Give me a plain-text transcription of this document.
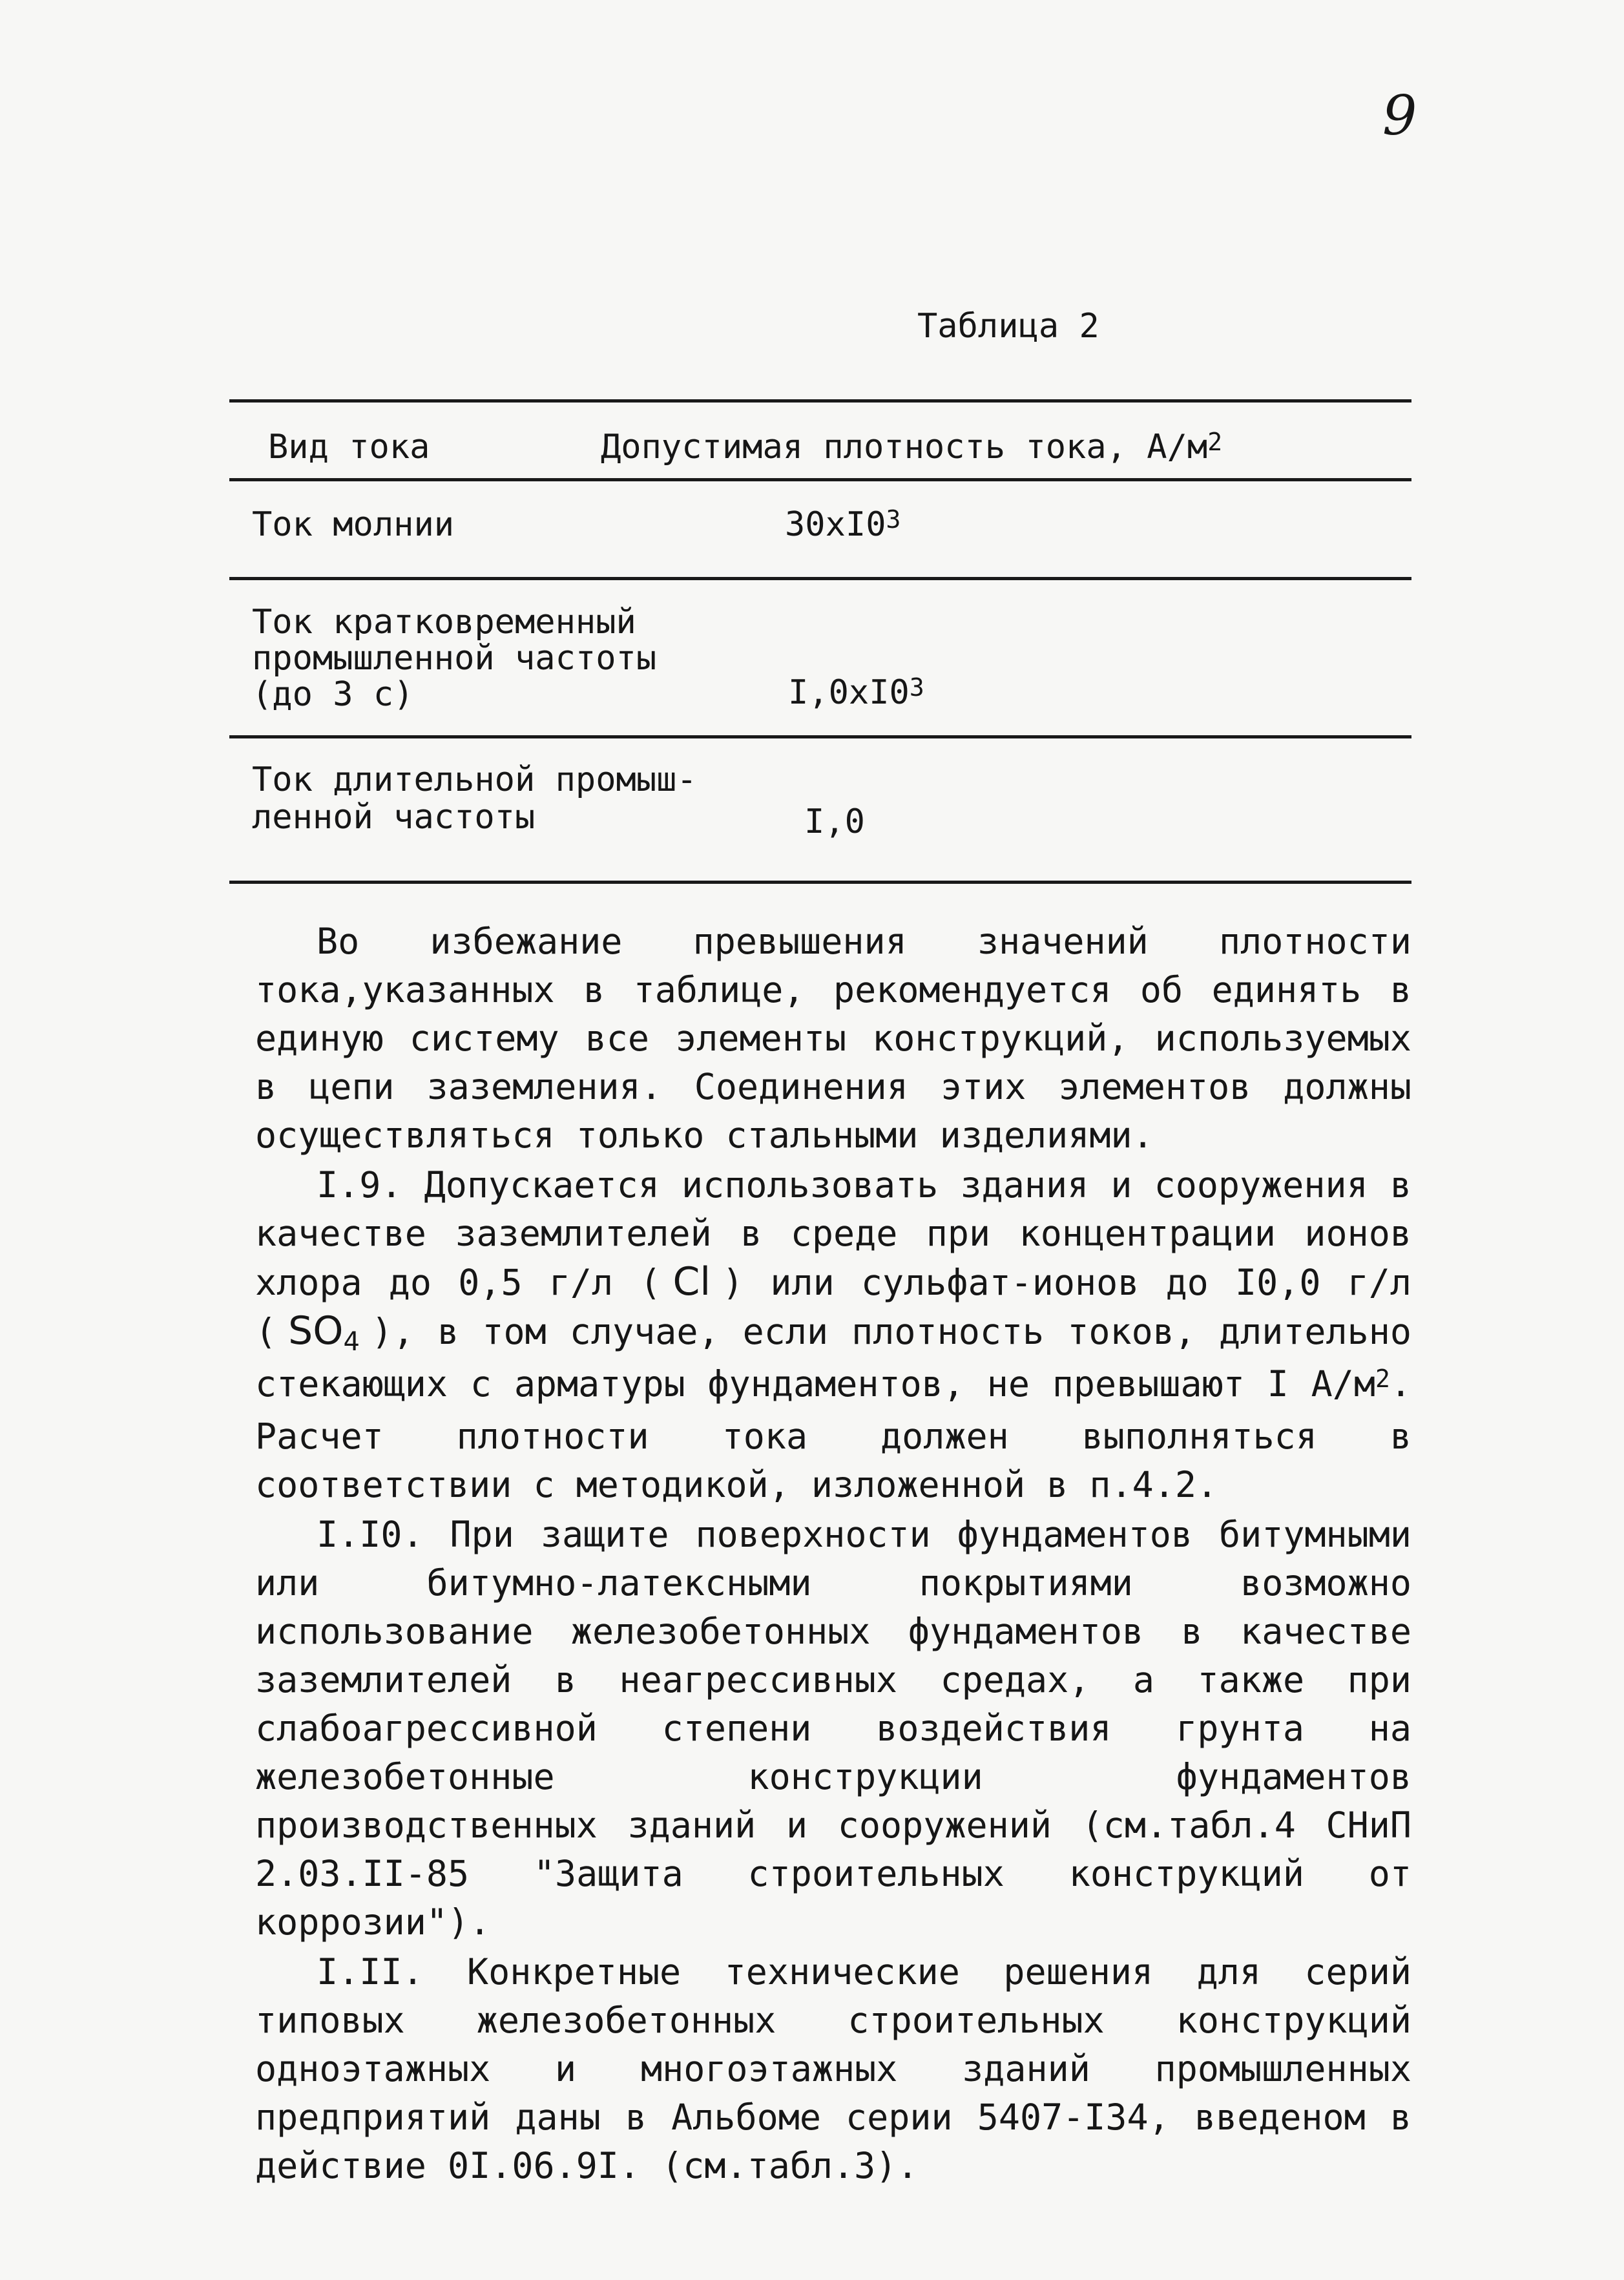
9
Таблица 2
Вид тока	Допустимая плотность тока, $А/м^2$
Ток молнии	$30xI0^3$
Ток кратковременный
промышленной частоты
(до 3 с)	$I,0xI0^3$
Ток длительной промыш-
ленной частоты	I,0

Во избежание превышения значений плотности тока,указанных в таблице, рекомендуется об единять в единую систему все элементы конструкций, используемых в цепи заземления. Соединения этих элементов должны осуществляться только стальными изделиями.

I.9. Допускается использовать здания и сооружения в качестве заземлителей в среде при концентрации ионов хлора до 0,5 г/л ( Cl ) или сульфат-ионов до I0,0 г/л ( $SO_4$ ), в том случае, если плотность токов, длительно стекающих с арматуры фундаментов, не превышают I $А/м^2$. Расчет плотности тока должен выполняться в соответствии с методикой, изложенной в п.4.2.

I.I0. При защите поверхности фундаментов битумными или битумно-латексными покрытиями возможно использование железобетонных фундаментов в качестве заземлителей в неагрессивных средах, а также при слабоагрессивной степени воздействия грунта на железобетонные конструкции фундаментов производственных зданий и сооружений (см.табл.4 СНиП 2.03.II-85 "Защита строительных конструкций от коррозии").

I.II. Конкретные технические решения для серий типовых железобетонных строительных конструкций одноэтажных и многоэтажных зданий промышленных предприятий даны в Альбоме серии 5407-I34, введеном в действие 0I.06.9I. (см.табл.3).
